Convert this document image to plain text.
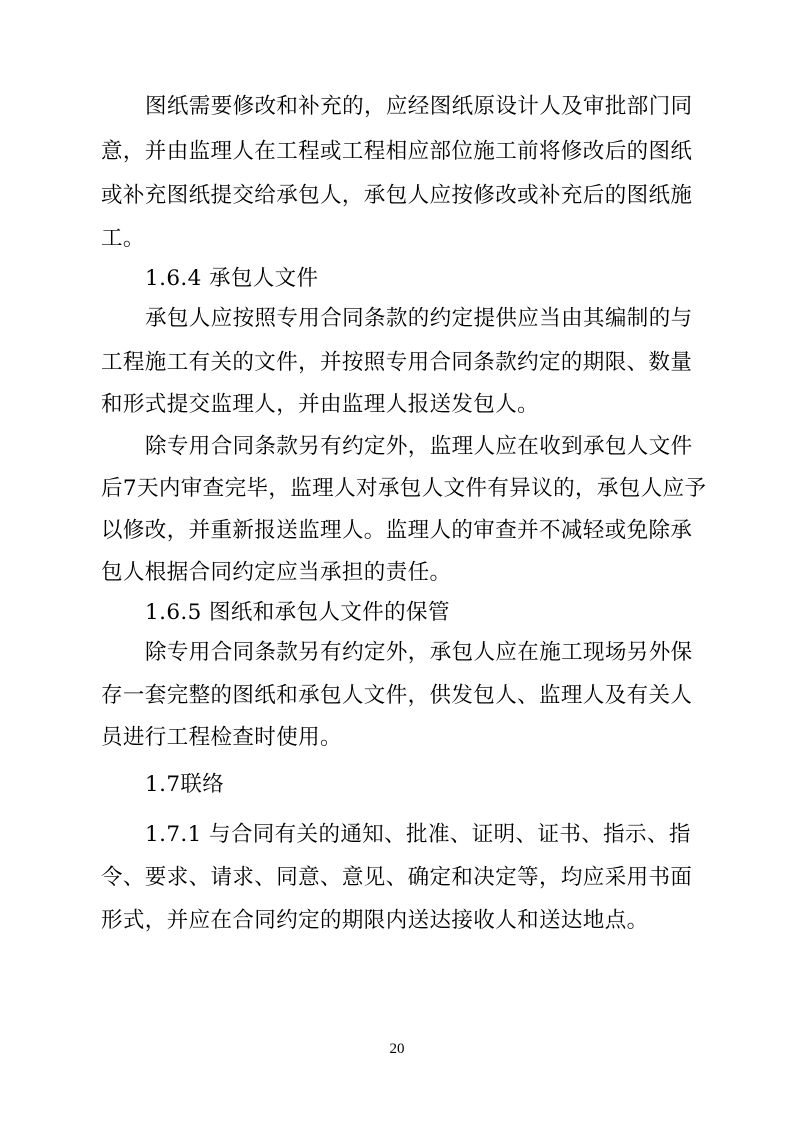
图纸需要修改和补充的，应经图纸原设计人及审批部门同

意，并由监理人在工程或工程相应部位施工前将修改后的图纸

或补充图纸提交给承包人，承包人应按修改或补充后的图纸施

工。

1.6.4 承包人文件

承包人应按照专用合同条款的约定提供应当由其编制的与

工程施工有关的文件，并按照专用合同条款约定的期限、数量

和形式提交监理人，并由监理人报送发包人。

除专用合同条款另有约定外，监理人应在收到承包人文件

后7天内审查完毕，监理人对承包人文件有异议的，承包人应予

以修改，并重新报送监理人。监理人的审查并不减轻或免除承

包人根据合同约定应当承担的责任。

1.6.5 图纸和承包人文件的保管

除专用合同条款另有约定外，承包人应在施工现场另外保

存一套完整的图纸和承包人文件，供发包人、监理人及有关人

员进行工程检查时使用。

1.7联络

1.7.1 与合同有关的通知、批准、证明、证书、指示、指

令、要求、请求、同意、意见、确定和决定等，均应采用书面

形式，并应在合同约定的期限内送达接收人和送达地点。

20
